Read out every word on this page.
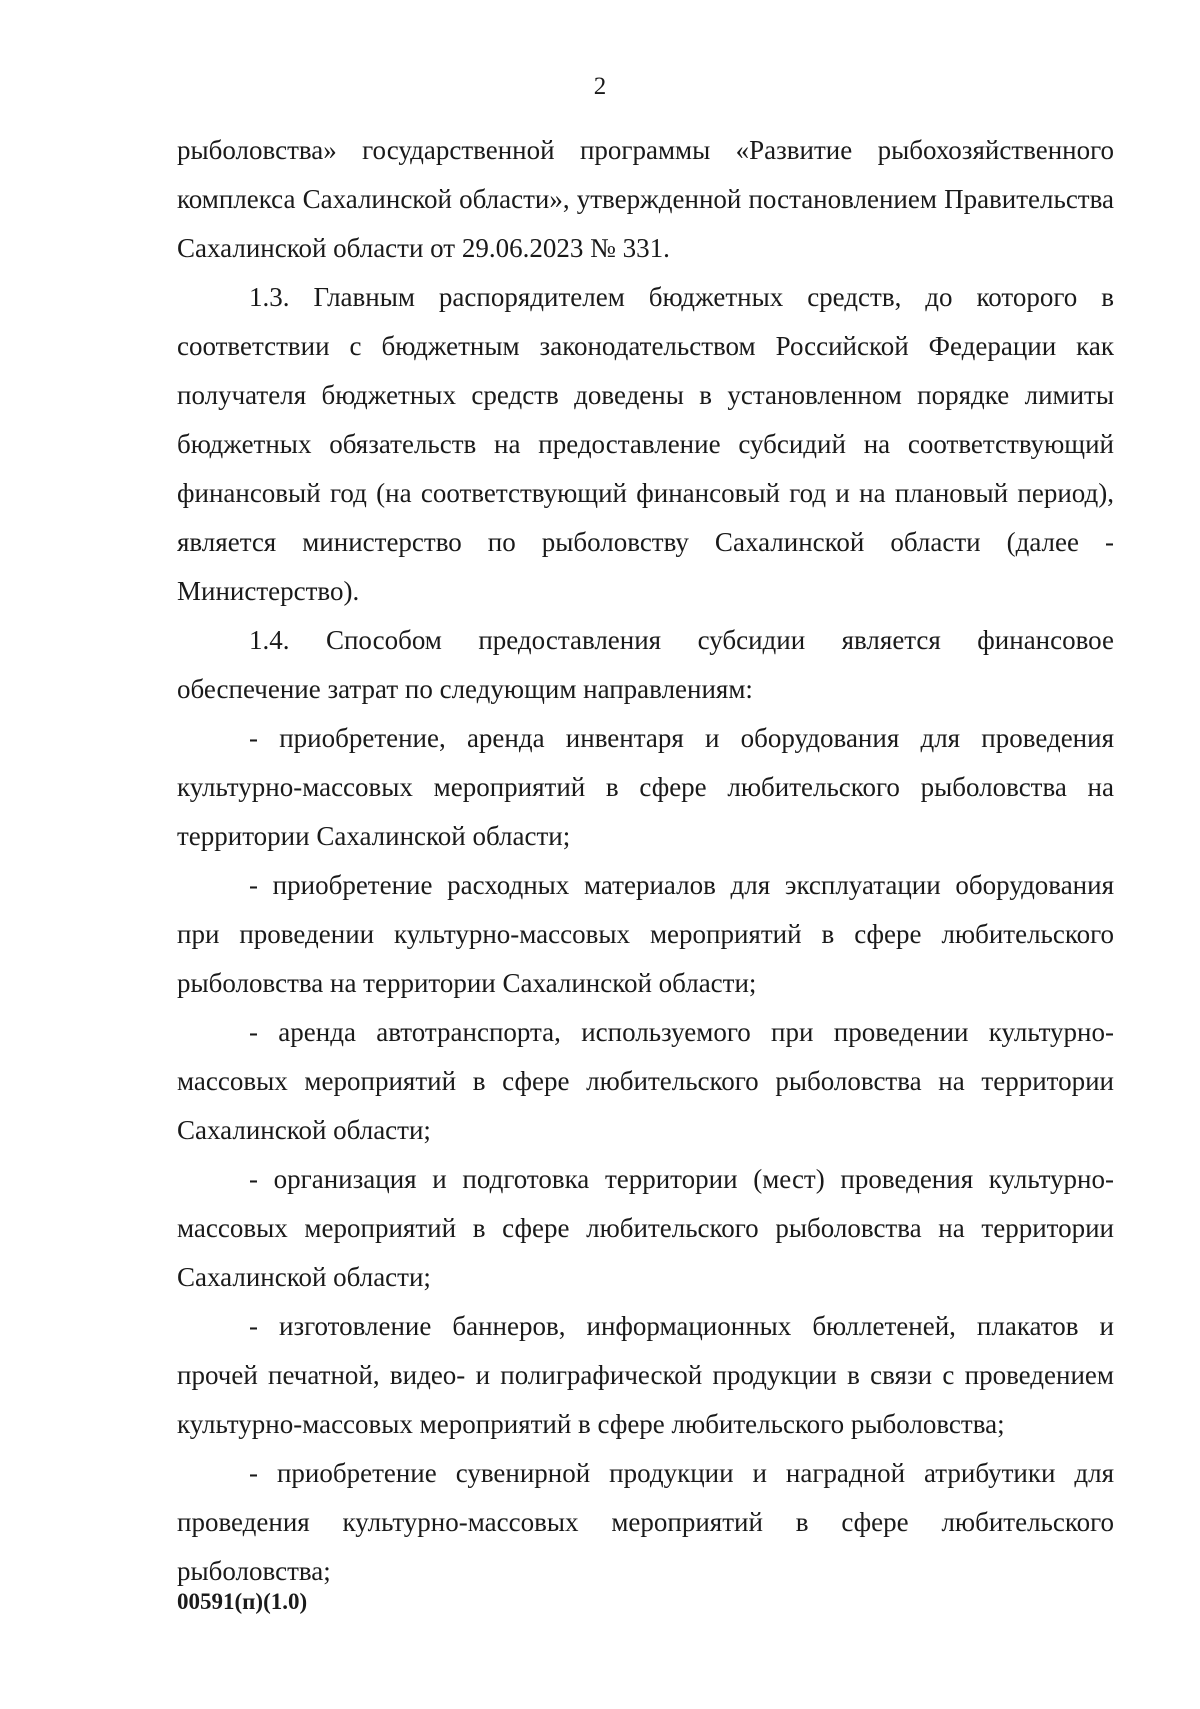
2

рыболовства» государственной программы «Развитие рыбохозяйственного комплекса Сахалинской области», утвержденной постановлением Правительства Сахалинской области от 29.06.2023 № 331.

1.3. Главным распорядителем бюджетных средств, до которого в соответствии с бюджетным законодательством Российской Федерации как получателя бюджетных средств доведены в установленном порядке лимиты бюджетных обязательств на предоставление субсидий на соответствующий финансовый год (на соответствующий финансовый год и на плановый период), является министерство по рыболовству Сахалинской области (далее - Министерство).

1.4. Способом предоставления субсидии является финансовое обеспечение затрат по следующим направлениям:

- приобретение, аренда инвентаря и оборудования для проведения культурно-массовых мероприятий в сфере любительского рыболовства на территории Сахалинской области;

- приобретение расходных материалов для эксплуатации оборудования при проведении культурно-массовых мероприятий в сфере любительского рыболовства на территории Сахалинской области;

- аренда автотранспорта, используемого при проведении культурно-массовых мероприятий в сфере любительского рыболовства на территории Сахалинской области;

- организация и подготовка территории (мест) проведения культурно-массовых мероприятий в сфере любительского рыболовства на территории Сахалинской области;

- изготовление баннеров, информационных бюллетеней, плакатов и прочей печатной, видео- и полиграфической продукции в связи с проведением культурно-массовых мероприятий в сфере любительского рыболовства;

- приобретение сувенирной продукции и наградной атрибутики для проведения культурно-массовых мероприятий в сфере любительского рыболовства;

00591(п)(1.0)
